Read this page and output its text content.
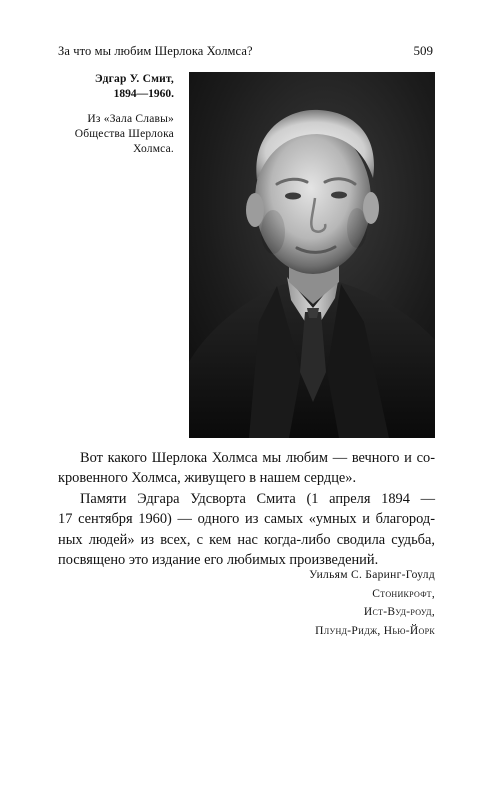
За что мы любим Шерлока Холмса?	509
Эдгар У. Смит,
1894—1960.
Из «Зала Славы»
Общества Шерлока
Холмса.

Вот какого Шерлока Холмса мы любим — вечного и со-
кровенного Холмса, живущего в нашем сердце».

Памяти Эдгара Удсворта Смита (1 апреля 1894 —
17 сентября 1960) — одного из самых «умных и благород-
ных людей» из всех, с кем нас когда-либо сводила судьба,
посвящено это издание его любимых произведений.

Уильям С. Баринг-Гоулд
Стоникрофт,
Ист-Вуд-роуд,
Плунд-Ридж, Нью-Йорк
